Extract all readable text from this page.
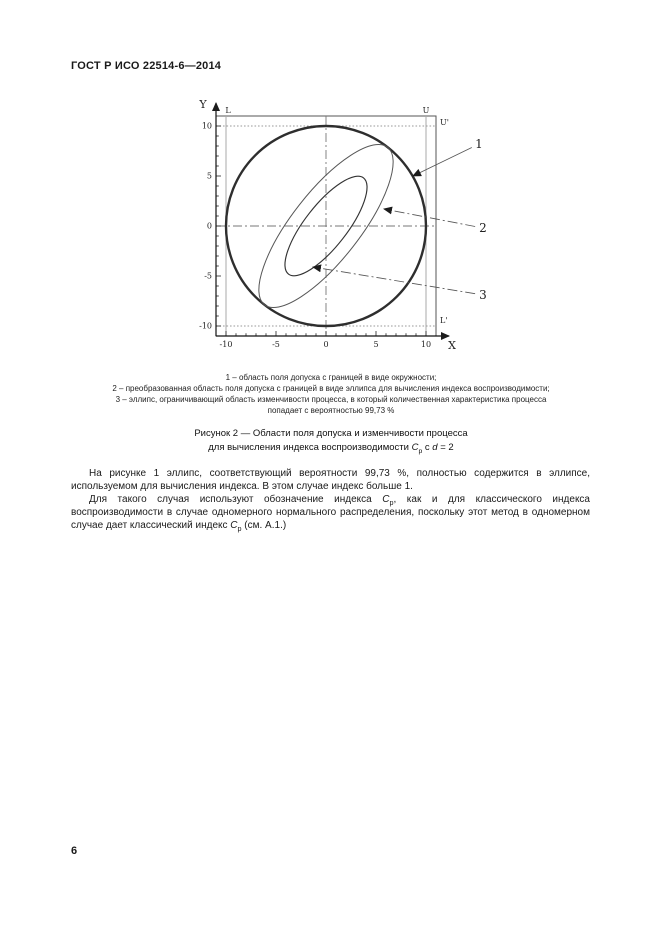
ГОСТ Р ИСО 22514-6—2014
L	U
U'
L'
-10	-5	0	5	10
10
5
0
-5
-10
Y
X
1
2
3
1 – область поля допуска с границей в виде окружности;
2 – преобразованная область поля допуска с границей в виде эллипса для вычисления индекса воспроизводимости;
3 – эллипс, ограничивающий область изменчивости процесса, в который количественная характеристика процесса
попадает с вероятностью 99,73 %
Рисунок 2 — Области поля допуска и изменчивости процесса
для вычисления индекса воспроизводимости $C_p$ с d = 2

На рисунке 1 эллипс, соответствующий вероятности 99,73 %, полностью содержится в эллипсе, используемом для вычисления индекса. В этом случае индекс больше 1.

Для такого случая используют обозначение индекса $C_p$, как и для классического индекса воспроизводимости в случае одномерного нормального распределения, поскольку этот метод в одномерном случае дает классический индекс $C_p$ (см. А.1.)

6
